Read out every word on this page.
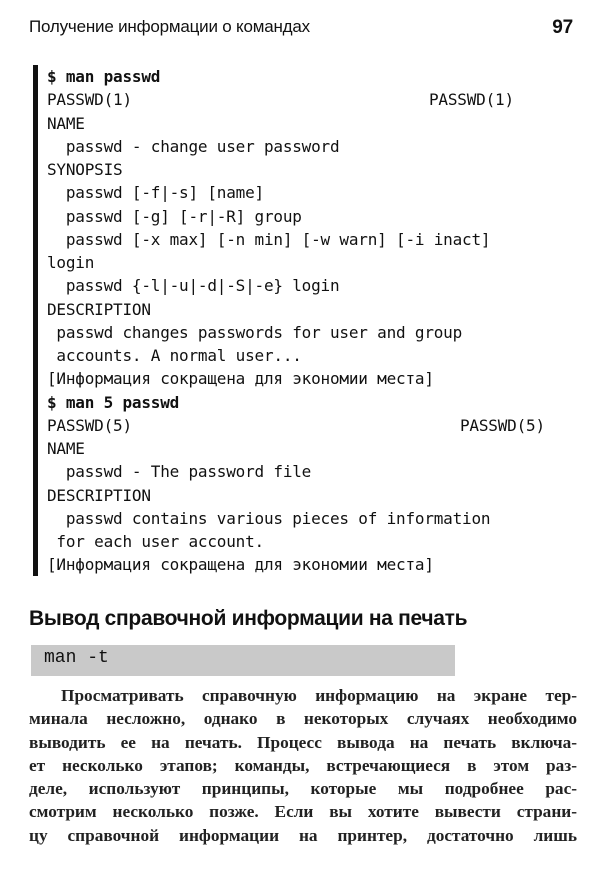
Получение информации о командах	97
$ man passwd
PASSWD(1)	PASSWD(1)
NAME
passwd - change user password
SYNOPSIS
passwd [-f|-s] [name]
passwd [-g] [-r|-R] group
passwd [-x max] [-n min] [-w warn] [-i inact]
login
passwd {-l|-u|-d|-S|-e} login
DESCRIPTION
passwd changes passwords for user and group
accounts. A normal user...
[Информация сокращена для экономии места]
$ man 5 passwd
PASSWD(5)	PASSWD(5)
NAME
passwd - The password file
DESCRIPTION
passwd contains various pieces of information
for each user account.
[Информация сокращена для экономии места]
Вывод справочной информации на печать
man -t
Просматривать справочную информацию на экране тер-
минала несложно, однако в некоторых случаях необходимо
выводить ее на печать. Процесс вывода на печать включа-
ет несколько этапов; команды, встречающиеся в этом раз-
деле, используют принципы, которые мы подробнее рас-
смотрим несколько позже. Если вы хотите вывести страни-
цу справочной информации на принтер, достаточно лишь
